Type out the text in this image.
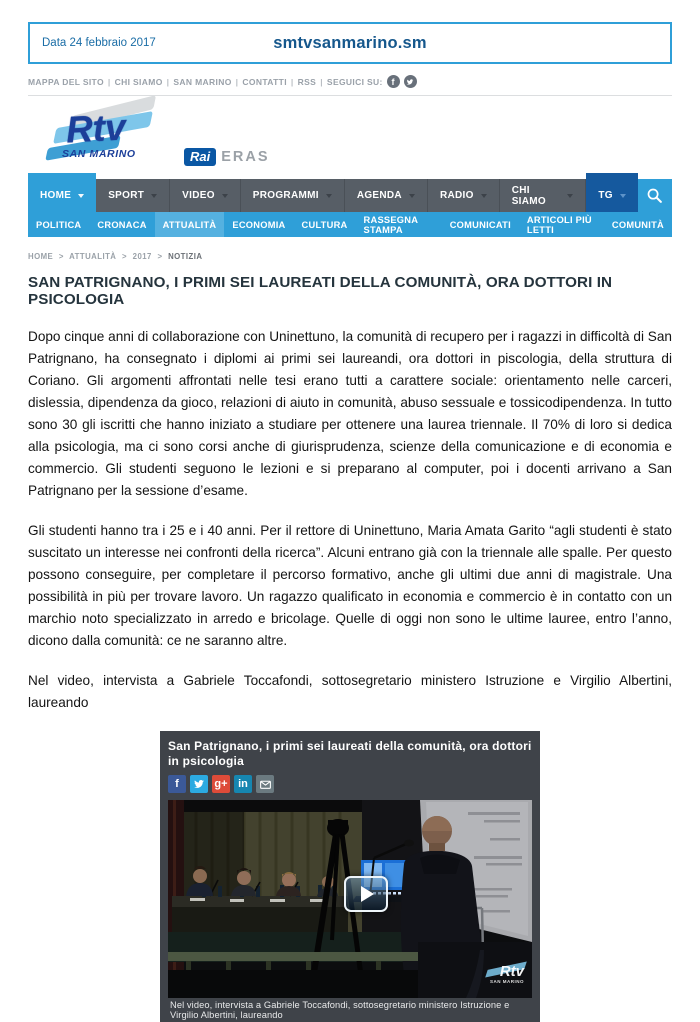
Data 24 febbraio 2017	smtvsanmarino.sm
MAPPA DEL SITO | CHI SIAMO | SAN MARINO | CONTATTI | RSS | SEGUICI SU: f
Rtv
SAN MARINO	Rai ERAS
HOME	SPORT	VIDEO	PROGRAMMI	AGENDA	RADIO	CHI SIAMO	TG
POLITICA CRONACA ATTUALITÀ ECONOMIA CULTURA RASSEGNA STAMPA	COMUNICATI ARTICOLI PIÙ LETTI	COMUNITÀ
HOME > ATTUALITÀ > 2017 > NOTIZIA
SAN PATRIGNANO, I PRIMI SEI LAUREATI DELLA COMUNITÀ, ORA DOTTORI IN PSICOLOGIA

Dopo cinque anni di collaborazione con Uninettuno, la comunità di recupero per i ragazzi in difficoltà di San Patrignano, ha consegnato i diplomi ai primi sei laureandi, ora dottori in piscologia, della struttura di Coriano. Gli argomenti affrontati nelle tesi erano tutti a carattere sociale: orientamento nelle carceri, dislessia, dipendenza da gioco, relazioni di aiuto in comunità, abuso sessuale e tossicodipendenza. In tutto sono 30 gli iscritti che hanno iniziato a studiare per ottenere una laurea triennale. Il 70% di loro si dedica alla psicologia, ma ci sono corsi anche di giurisprudenza, scienze della comunicazione e di economia e commercio. Gli studenti seguono le lezioni e si preparano al computer, poi i docenti arrivano a San Patrignano per la sessione d’esame.

Gli studenti hanno tra i 25 e i 40 anni. Per il rettore di Uninettuno, Maria Amata Garito “agli studenti è stato suscitato un interesse nei confronti della ricerca”. Alcuni entrano già con la triennale alle spalle. Per questo possono conseguire, per completare il percorso formativo, anche gli ultimi due anni di magistrale. Una possibilità in più per trovare lavoro. Un ragazzo qualificato in economia e commercio è in contatto con un marchio noto specializzato in arredo e bricolage. Quelle di oggi non sono le ultime lauree, entro l’anno, dicono dalla comunità: ce ne saranno altre.

Nel video, intervista a Gabriele Toccafondi, sottosegretario ministero Istruzione e Virgilio Albertini, laureando

San Patrignano, i primi sei laureati della comunità, ora dottori in psicologia
f	g+ in
Rtv
SAN MARINO
Nel video, intervista a Gabriele Toccafondi, sottosegretario ministero Istruzione e Virgilio Albertini, laureando
